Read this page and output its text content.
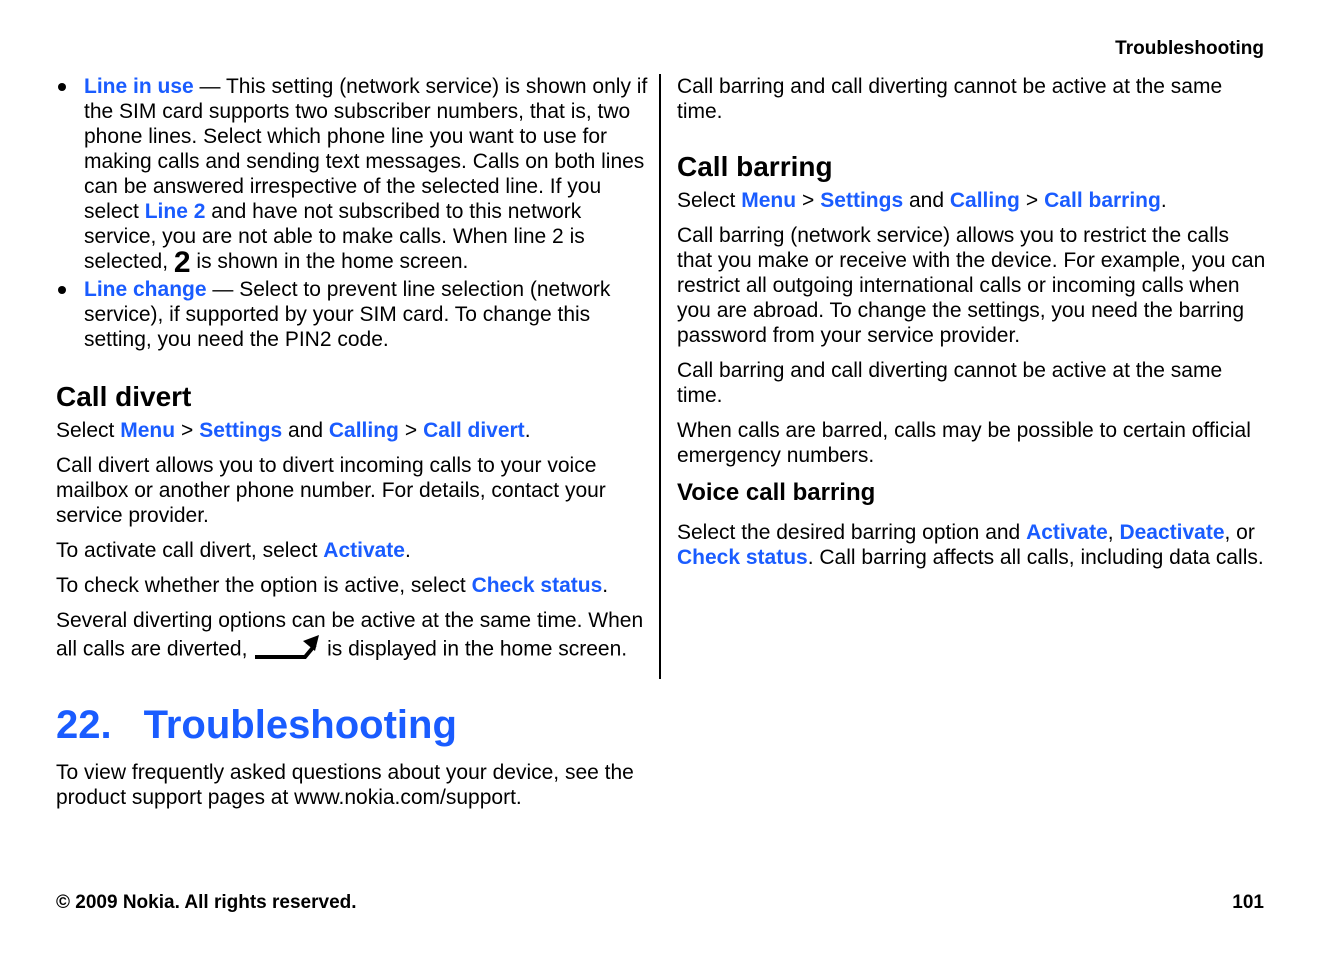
Troubleshooting
Line in use — This setting (network service) is shown only if the SIM card supports two subscriber numbers, that is, two phone lines. Select which phone line you want to use for making calls and sending text messages. Calls on both lines can be answered irrespective of the selected line. If you select Line 2 and have not subscribed to this network service, you are not able to make calls. When line 2 is selected, 2 is shown in the home screen.
Line change — Select to prevent line selection (network service), if supported by your SIM card. To change this setting, you need the PIN2 code.
Call divert

Select Menu > Settings and Calling > Call divert.

Call divert allows you to divert incoming calls to your voice mailbox or another phone number. For details, contact your service provider.

To activate call divert, select Activate.

To check whether the option is active, select Check status.

Several diverting options can be active at the same time. When all calls are diverted,	is displayed in the home screen.

Call barring and call diverting cannot be active at the same time.

Call barring

Select Menu > Settings and Calling > Call barring.

Call barring (network service) allows you to restrict the calls that you make or receive with the device. For example, you can restrict all outgoing international calls or incoming calls when you are abroad. To change the settings, you need the barring password from your service provider.

Call barring and call diverting cannot be active at the same time.

When calls are barred, calls may be possible to certain official emergency numbers.

Voice call barring

Select the desired barring option and Activate, Deactivate, or Check status. Call barring affects all calls, including data calls.

22. Troubleshooting
To view frequently asked questions about your device, see the product support pages at www.nokia.com/support.
© 2009 Nokia. All rights reserved.	101
